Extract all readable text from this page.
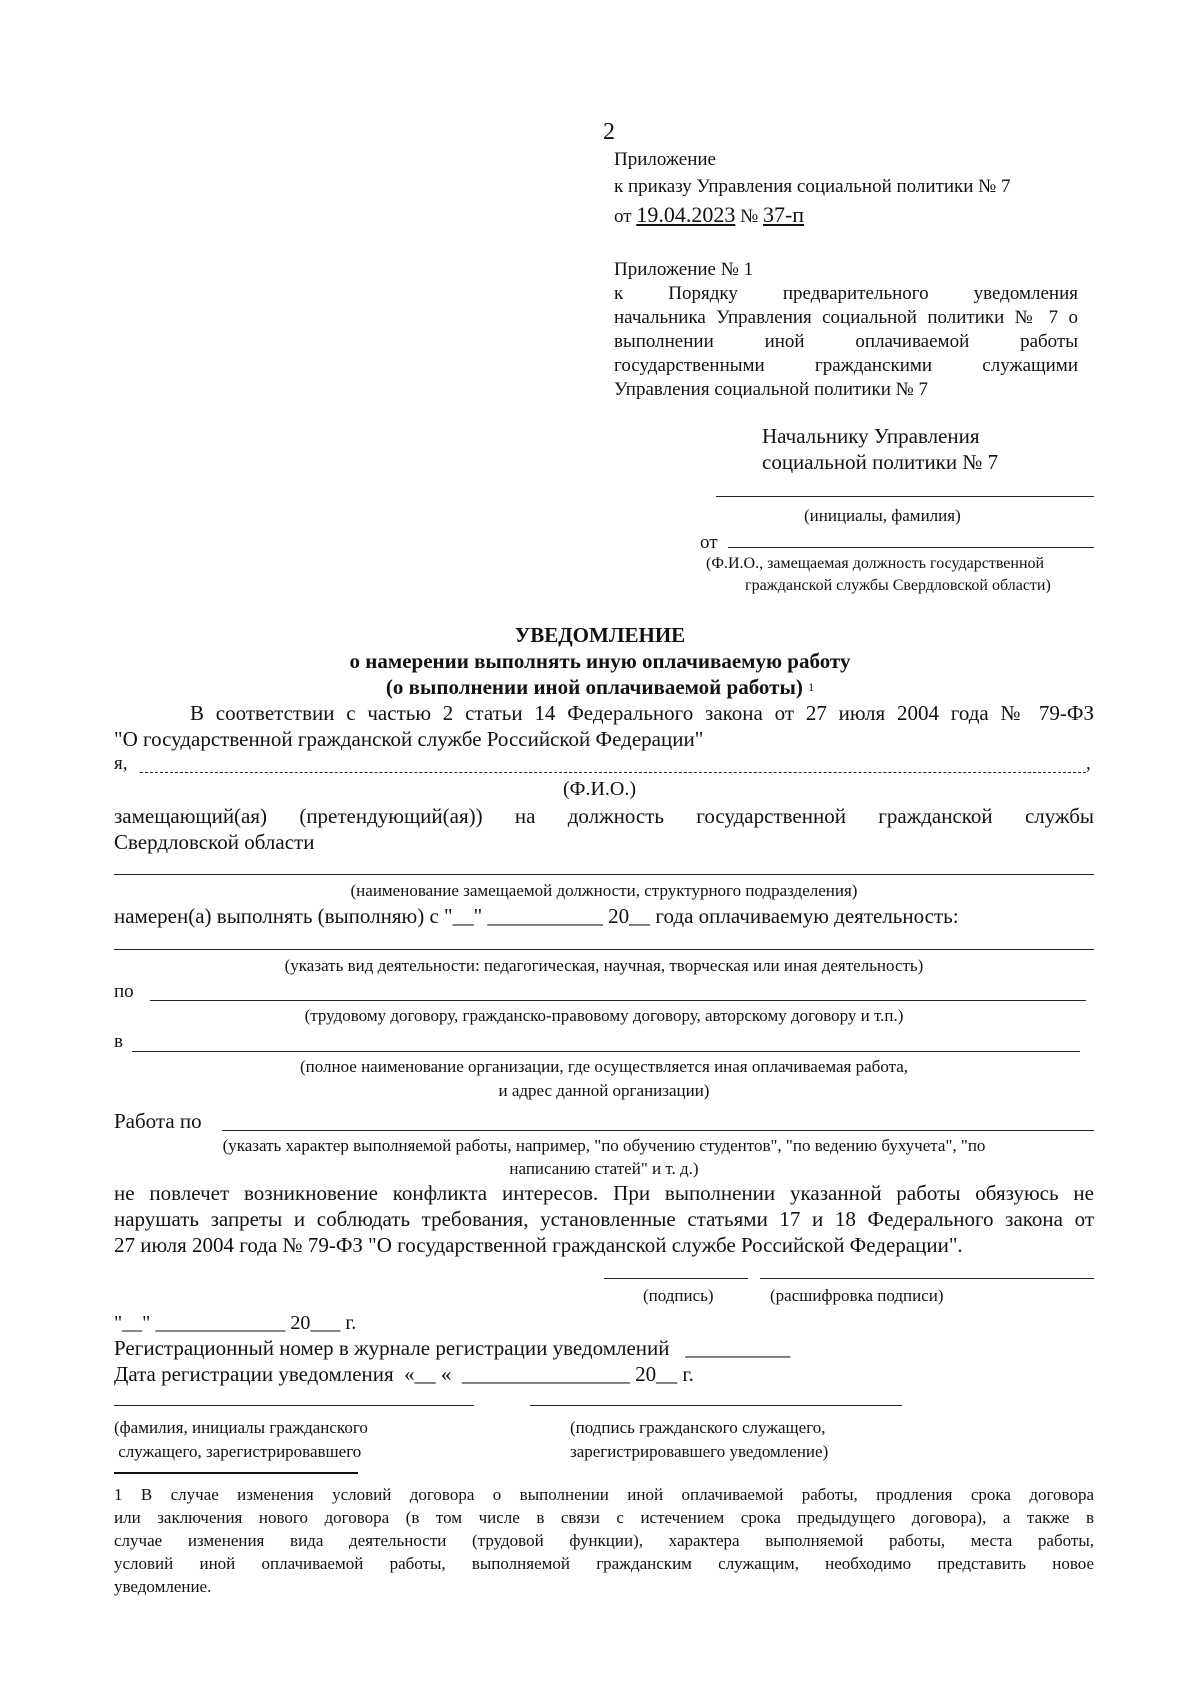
2
Приложение
к приказу Управления социальной политики № 7
от 19.04.2023 № 37-п
Приложение № 1
к Порядку предварительного уведомления
начальника Управления социальной политики № 7 о
выполнении иной оплачиваемой работы
государственными гражданскими служащими
Управления социальной политики № 7
Начальнику Управления
социальной политики № 7
(инициалы, фамилия)
от
(Ф.И.О., замещаемая должность государственной
гражданской службы Свердловской области)
УВЕДОМЛЕНИЕ
о намерении выполнять иную оплачиваемую работу
(о выполнении иной оплачиваемой работы) $^1$
В соответствии с частью 2 статьи 14 Федерального закона от 27 июля 2004 года № 79-ФЗ
"О государственной гражданской службе Российской Федерации"
я,	,
(Ф.И.О.)
замещающий(ая) (претендующий(ая)) на должность государственной гражданской службы
Свердловской области
(наименование замещаемой должности, структурного подразделения)
намерен(а) выполнять (выполняю) с "__" ___________ 20__ года оплачиваемую деятельность:
(указать вид деятельности: педагогическая, научная, творческая или иная деятельность)
по
(трудовому договору, гражданско-правовому договору, авторскому договору и т.п.)
в
(полное наименование организации, где осуществляется иная оплачиваемая работа,
и адрес данной организации)
Работа по
(указать характер выполняемой работы, например, "по обучению студентов", "по ведению бухучета", "по
написанию статей" и т. д.)
не повлечет возникновение конфликта интересов. При выполнении указанной работы обязуюсь не
нарушать запреты и соблюдать требования, установленные статьями 17 и 18 Федерального закона от
27 июля 2004 года № 79-ФЗ "О государственной гражданской службе Российской Федерации".
(подпись)	(расшифровка подписи)
"__" _____________ 20___ г.
Регистрационный номер в журнале регистрации уведомлений   __________
Дата регистрации уведомления  «__ «  ________________ 20__ г.
(фамилия, инициалы гражданского
служащего, зарегистрировавшего
(подпись гражданского служащего,
зарегистрировавшего уведомление)
1 В случае изменения условий договора о выполнении иной оплачиваемой работы, продления срока договора
или заключения нового договора (в том числе в связи с истечением срока предыдущего договора), а также в
случае изменения вида деятельности (трудовой функции), характера выполняемой работы, места работы,
условий иной оплачиваемой работы, выполняемой гражданским служащим, необходимо представить новое
уведомление.
